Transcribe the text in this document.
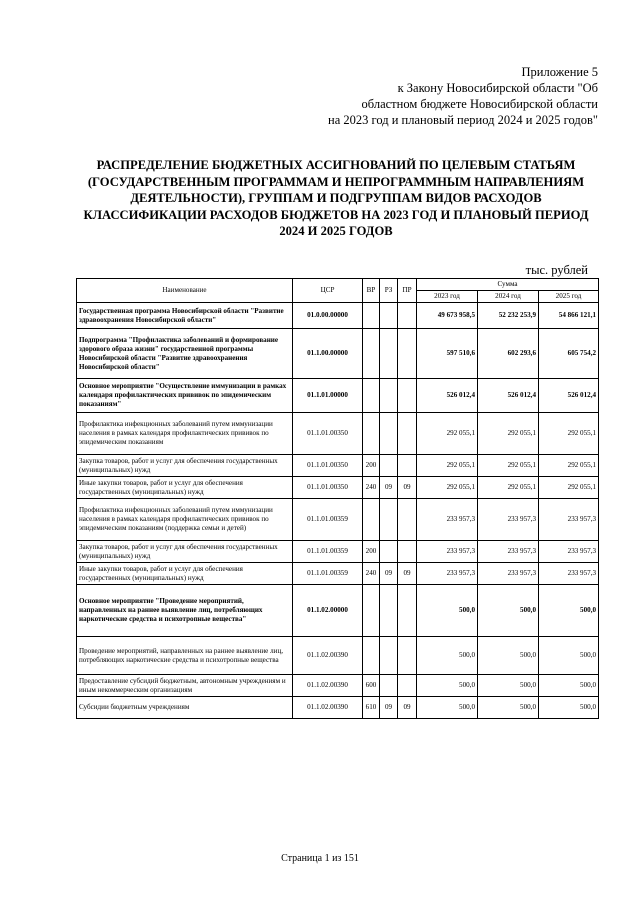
Приложение 5
к Закону Новосибирской области "Об
областном бюджете Новосибирской области
на 2023 год и плановый период 2024 и 2025 годов"
РАСПРЕДЕЛЕНИЕ БЮДЖЕТНЫХ АССИГНОВАНИЙ ПО ЦЕЛЕВЫМ СТАТЬЯМ (ГОСУДАРСТВЕННЫМ ПРОГРАММАМ И НЕПРОГРАММНЫМ НАПРАВЛЕНИЯМ ДЕЯТЕЛЬНОСТИ), ГРУППАМ И ПОДГРУППАМ ВИДОВ РАСХОДОВ КЛАССИФИКАЦИИ РАСХОДОВ БЮДЖЕТОВ НА 2023 ГОД И ПЛАНОВЫЙ ПЕРИОД 2024 И 2025 ГОДОВ
тыс. рублей
Наименование	ЦСР	ВР	РЗ	ПР	Сумма		
					2023 год	2024 год	2025 год
Государственная программа Новосибирской области "Развитие здравоохранения Новосибирской области"	01.0.00.00000				49 673 958,5	52 232 253,9	54 866 121,1
Подпрограмма "Профилактика заболеваний и формирование здорового образа жизни" государственной программы Новосибирской области "Развитие здравоохранения Новосибирской области"	01.1.00.00000				597 510,6	602 293,6	605 754,2
Основное мероприятие "Осуществление иммунизации в рамках календаря профилактических прививок по эпидемическим показаниям"	01.1.01.00000				526 012,4	526 012,4	526 012,4
Профилактика инфекционных заболеваний путем иммунизации населения в рамках календаря профилактических прививок по эпидемическим показаниям	01.1.01.00350				292 055,1	292 055,1	292 055,1
Закупка товаров, работ и услуг для обеспечения государственных (муниципальных) нужд	01.1.01.00350	200			292 055,1	292 055,1	292 055,1
Иные закупки товаров, работ и услуг для обеспечения государственных (муниципальных) нужд	01.1.01.00350	240	09	09	292 055,1	292 055,1	292 055,1
Профилактика инфекционных заболеваний путем иммунизации населения в рамках календаря профилактических прививок по эпидемическим показаниям (поддержка семьи и детей)	01.1.01.00359				233 957,3	233 957,3	233 957,3
Закупка товаров, работ и услуг для обеспечения государственных (муниципальных) нужд	01.1.01.00359	200			233 957,3	233 957,3	233 957,3
Иные закупки товаров, работ и услуг для обеспечения государственных (муниципальных) нужд	01.1.01.00359	240	09	09	233 957,3	233 957,3	233 957,3
Основное мероприятие "Проведение мероприятий, направленных на раннее выявление лиц, потребляющих наркотические средства и психотропные вещества"	01.1.02.00000				500,0	500,0	500,0
Проведение мероприятий, направленных на раннее выявление лиц, потребляющих наркотические средства и психотропные вещества	01.1.02.00390				500,0	500,0	500,0
Предоставление субсидий бюджетным, автономным учреждениям и иным некоммерческим организациям	01.1.02.00390	600			500,0	500,0	500,0
Субсидии бюджетным учреждениям	01.1.02.00390	610	09	09	500,0	500,0	500,0
Страница 1 из 151
